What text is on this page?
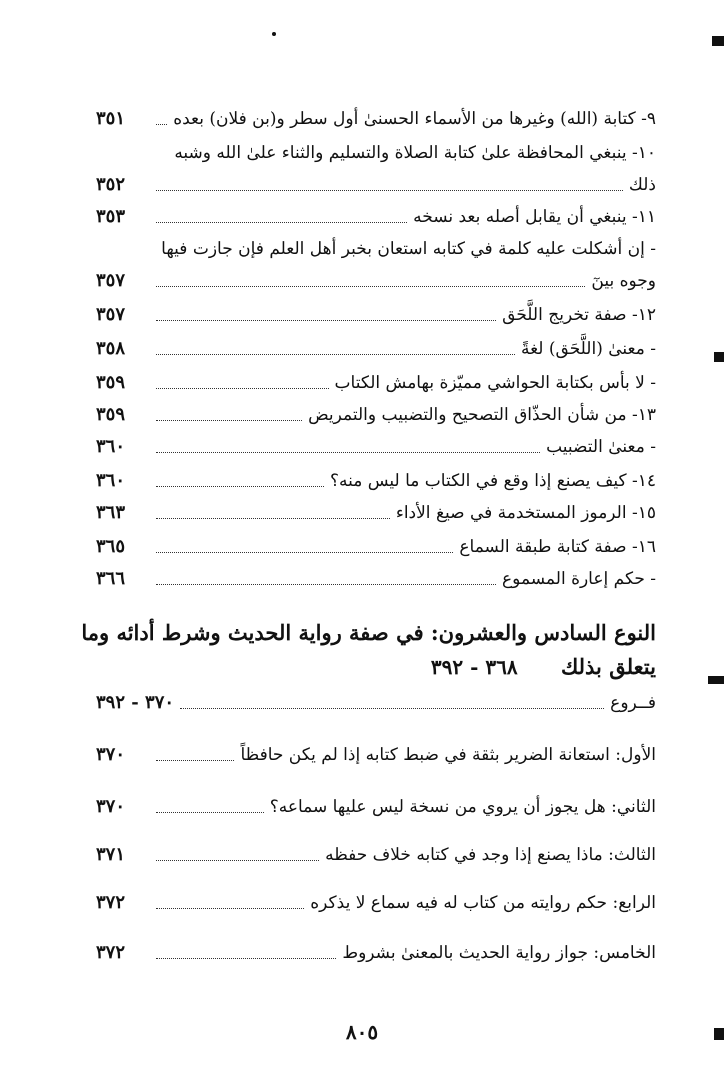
٩- كتابة (الله) وغيرها من الأسماء الحسنىٰ أول سطر و(بن فلان) بعده
٣٥١
١٠- ينبغي المحافظة علىٰ كتابة الصلاة والتسليم والثناء علىٰ الله وشبه
ذلك
٣٥٢
١١- ينبغي أن يقابل أصله بعد نسخه
٣٥٣
- إن أشكلت عليه كلمة في كتابه استعان بخبر أهل العلم فإن جازت فيها
وجوه بينٓ
٣٥٧
١٢- صفة تخريج اللَّحَق
٣٥٧
- معنىٰ (اللَّحَق) لغةً
٣٥٨
- لا بأس بكتابة الحواشي مميّزة بهامش الكتاب
٣٥٩
١٣- من شأن الحذّاق التصحيح والتضبيب والتمريض
٣٥٩
- معنىٰ التضبيب
٣٦٠
١٤- كيف يصنع إذا وقع في الكتاب ما ليس منه؟
٣٦٠
١٥- الرموز المستخدمة في صيغ الأداء
٣٦٣
١٦- صفة كتابة طبقة السماع
٣٦٥
- حكم إعارة المسموع
٣٦٦
النوع السادس والعشرون: في صفة رواية الحديث وشرط أدائه وما
يتعلق بذلك ٣٦٨ - ٣٩٢
فــروع
٣٧٠ - ٣٩٢
الأول: استعانة الضرير بثقة في ضبط كتابه إذا لم يكن حافظاً
٣٧٠
الثاني: هل يجوز أن يروي من نسخة ليس عليها سماعه؟
٣٧٠
الثالث: ماذا يصنع إذا وجد في كتابه خلاف حفظه
٣٧١
الرابع: حكم روايته من كتاب له فيه سماع لا يذكره
٣٧٢
الخامس: جواز رواية الحديث بالمعنىٰ بشروط
٣٧٢
٨٠٥
